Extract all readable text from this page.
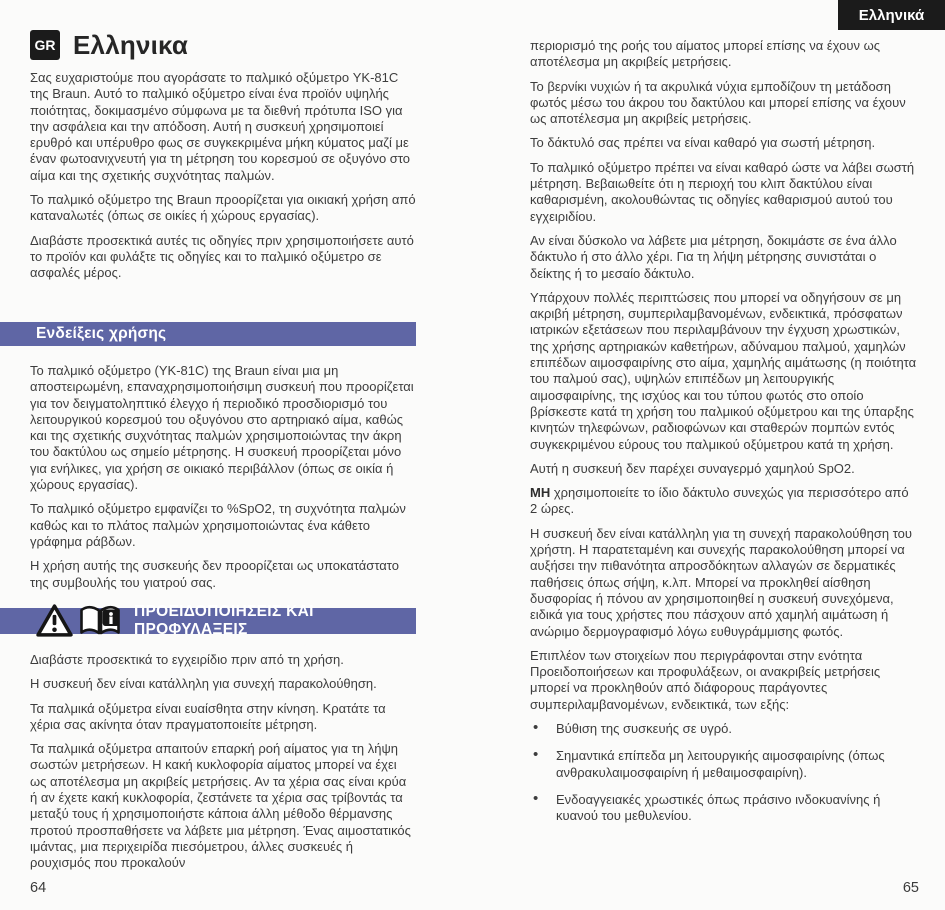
Ελληνικά
GR Ελληνικα

Σας ευχαριστούμε που αγοράσατε το παλμικό οξύμετρο YK-81C της Braun. Αυτό το παλμικό οξύμετρο είναι ένα προϊόν υψηλής ποιότητας, δοκιμασμένο σύμφωνα με τα διεθνή πρότυπα ISO για την ασφάλεια και την απόδοση. Αυτή η συσκευή χρησιμοποιεί ερυθρό και υπέρυθρο φως σε συγκεκριμένα μήκη κύματος μαζί με έναν φωτοανιχνευτή για τη μέτρηση του κορεσμού σε οξυγόνο στο αίμα και της σχετικής συχνότητας παλμών.

Το παλμικό οξύμετρο της Braun προορίζεται για οικιακή χρήση από καταναλωτές (όπως σε οικίες ή χώρους εργασίας).

Διαβάστε προσεκτικά αυτές τις οδηγίες πριν χρησιμοποιήσετε αυτό το προϊόν και φυλάξτε τις οδηγίες και το παλμικό οξύμετρο σε ασφαλές μέρος.

Ενδείξεις χρήσης

Το παλμικό οξύμετρο (YK-81C) της Braun είναι μια μη αποστειρωμένη, επαναχρησιμοποιήσιμη συσκευή που προορίζεται για τον δειγματοληπτικό έλεγχο ή περιοδικό προσδιορισμό του λειτουργικού κορεσμού του οξυγόνου στο αρτηριακό αίμα, καθώς και της σχετικής συχνότητας παλμών χρησιμοποιώντας την άκρη του δακτύλου ως σημείο μέτρησης. Η συσκευή προορίζεται μόνο για ενήλικες, για χρήση σε οικιακό περιβάλλον (όπως σε οικία ή χώρους εργασίας).

Το παλμικό οξύμετρο εμφανίζει το %SpO2, τη συχνότητα παλμών καθώς και το πλάτος παλμών χρησιμοποιώντας ένα κάθετο γράφημα ράβδων.

Η χρήση αυτής της συσκευής δεν προορίζεται ως υποκατάστατο της συμβουλής του γιατρού σας.

ΠΡΟΕΙΔΟΠΟΙΗΣΕΙΣ ΚΑΙ ΠΡΟΦΥΛΑΞΕΙΣ

Διαβάστε προσεκτικά το εγχειρίδιο πριν από τη χρήση.

Η συσκευή δεν είναι κατάλληλη για συνεχή παρακολούθηση.

Τα παλμικά οξύμετρα είναι ευαίσθητα στην κίνηση. Κρατάτε τα χέρια σας ακίνητα όταν πραγματοποιείτε μέτρηση.

Τα παλμικά οξύμετρα απαιτούν επαρκή ροή αίματος για τη λήψη σωστών μετρήσεων. Η κακή κυκλοφορία αίματος μπορεί να έχει ως αποτέλεσμα μη ακριβείς μετρήσεις. Αν τα χέρια σας είναι κρύα ή αν έχετε κακή κυκλοφορία, ζεστάνετε τα χέρια σας τρίβοντάς τα μεταξύ τους ή χρησιμοποιήστε κάποια άλλη μέθοδο θέρμανσης προτού προσπαθήσετε να λάβετε μια μέτρηση. Ένας αιμοστατικός ιμάντας, μια περιχειρίδα πιεσόμετρου, άλλες συσκευές ή ρουχισμός που προκαλούν

περιορισμό της ροής του αίματος μπορεί επίσης να έχουν ως αποτέλεσμα μη ακριβείς μετρήσεις.

Το βερνίκι νυχιών ή τα ακρυλικά νύχια εμποδίζουν τη μετάδοση φωτός μέσω του άκρου του δακτύλου και μπορεί επίσης να έχουν ως αποτέλεσμα μη ακριβείς μετρήσεις.

Το δάκτυλό σας πρέπει να είναι καθαρό για σωστή μέτρηση.

Το παλμικό οξύμετρο πρέπει να είναι καθαρό ώστε να λάβει σωστή μέτρηση. Βεβαιωθείτε ότι η περιοχή του κλιπ δακτύλου είναι καθαρισμένη, ακολουθώντας τις οδηγίες καθαρισμού αυτού του εγχειριδίου.

Αν είναι δύσκολο να λάβετε μια μέτρηση, δοκιμάστε σε ένα άλλο δάκτυλο ή στο άλλο χέρι. Για τη λήψη μέτρησης συνιστάται ο δείκτης ή το μεσαίο δάκτυλο.

Υπάρχουν πολλές περιπτώσεις που μπορεί να οδηγήσουν σε μη ακριβή μέτρηση, συμπεριλαμβανομένων, ενδεικτικά, πρόσφατων ιατρικών εξετάσεων που περιλαμβάνουν την έγχυση χρωστικών, της χρήσης αρτηριακών καθετήρων, αδύναμου παλμού, χαμηλών επιπέδων αιμοσφαιρίνης στο αίμα, χαμηλής αιμάτωσης (η ποιότητα του παλμού σας), υψηλών επιπέδων μη λειτουργικής αιμοσφαιρίνης, της ισχύος και του τύπου φωτός στο οποίο βρίσκεστε κατά τη χρήση του παλμικού οξύμετρου και της ύπαρξης κινητών τηλεφώνων, ραδιοφώνων και σταθερών πομπών εντός συγκεκριμένου εύρους του παλμικού οξύμετρου κατά τη χρήση.

Αυτή η συσκευή δεν παρέχει συναγερμό χαμηλού SpO2.

ΜΗ χρησιμοποιείτε το ίδιο δάκτυλο συνεχώς για περισσότερο από 2 ώρες.

Η συσκευή δεν είναι κατάλληλη για τη συνεχή παρακολούθηση του χρήστη. Η παρατεταμένη και συνεχής παρακολούθηση μπορεί να αυξήσει την πιθανότητα απροσδόκητων αλλαγών σε δερματικές παθήσεις όπως σήψη, κ.λπ. Μπορεί να προκληθεί αίσθηση δυσφορίας ή πόνου αν χρησιμοποιηθεί η συσκευή συνεχόμενα, ειδικά για τους χρήστες που πάσχουν από χαμηλή αιμάτωση ή ανώριμο δερμογραφισμό λόγω ευθυγράμμισης φωτός.

Επιπλέον των στοιχείων που περιγράφονται στην ενότητα Προειδοποιήσεων και προφυλάξεων, οι ανακριβείς μετρήσεις μπορεί να προκληθούν από διάφορους παράγοντες συμπεριλαμβανομένων, ενδεικτικά, των εξής:

• Βύθιση της συσκευής σε υγρό.
• Σημαντικά επίπεδα μη λειτουργικής αιμοσφαιρίνης (όπως ανθρακυλαιμοσφαιρίνη ή μεθαιμοσφαιρίνη).
• Ενδοαγγειακές χρωστικές όπως πράσινο ινδοκυανίνης ή κυανού του μεθυλενίου.
64	65
